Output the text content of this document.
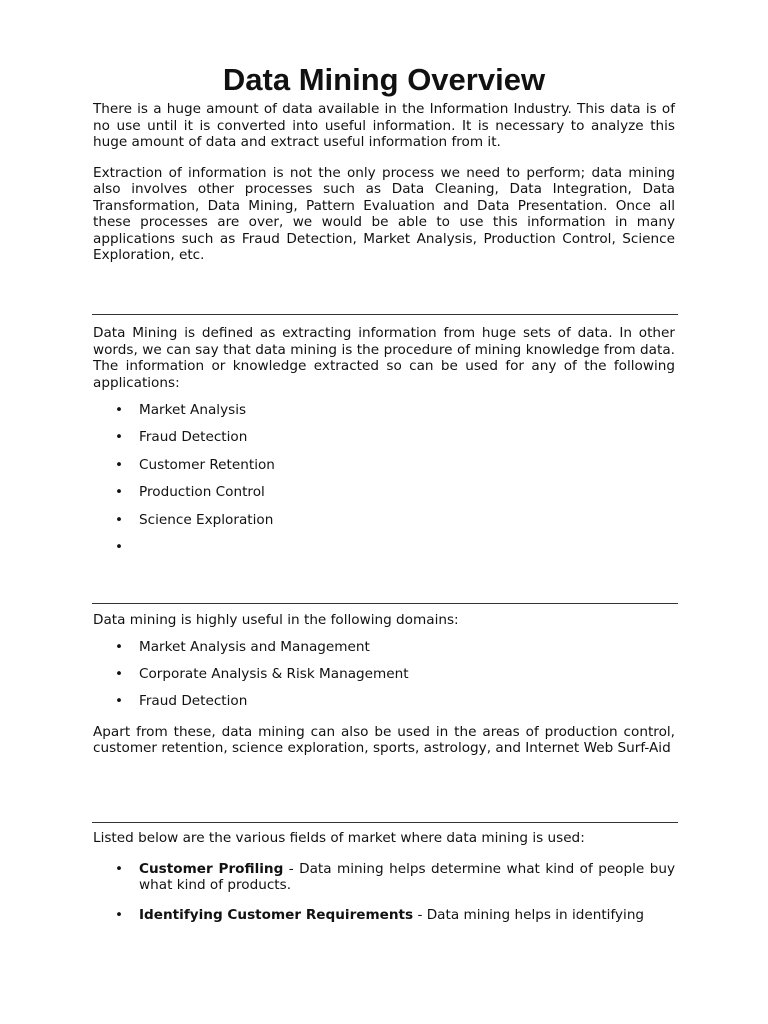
Data Mining Overview

There is a huge amount of data available in the Information Industry. This data is of no use until it is converted into useful information. It is necessary to analyze this huge amount of data and extract useful information from it.

Extraction of information is not the only process we need to perform; data mining also involves other processes such as Data Cleaning, Data Integration, Data Transformation, Data Mining, Pattern Evaluation and Data Presentation. Once all these processes are over, we would be able to use this information in many applications such as Fraud Detection, Market Analysis, Production Control, Science Exploration, etc.

Data Mining is defined as extracting information from huge sets of data. In other words, we can say that data mining is the procedure of mining knowledge from data. The information or knowledge extracted so can be used for any of the following applications:

• Market Analysis
• Fraud Detection
• Customer Retention
• Production Control
• Science Exploration
•

Data mining is highly useful in the following domains:

• Market Analysis and Management
• Corporate Analysis & Risk Management
• Fraud Detection

Apart from these, data mining can also be used in the areas of production control, customer retention, science exploration, sports, astrology, and Internet Web Surf-Aid

Listed below are the various fields of market where data mining is used:

• Customer Profiling - Data mining helps determine what kind of people buy what kind of products.
• Identifying Customer Requirements - Data mining helps in identifying
